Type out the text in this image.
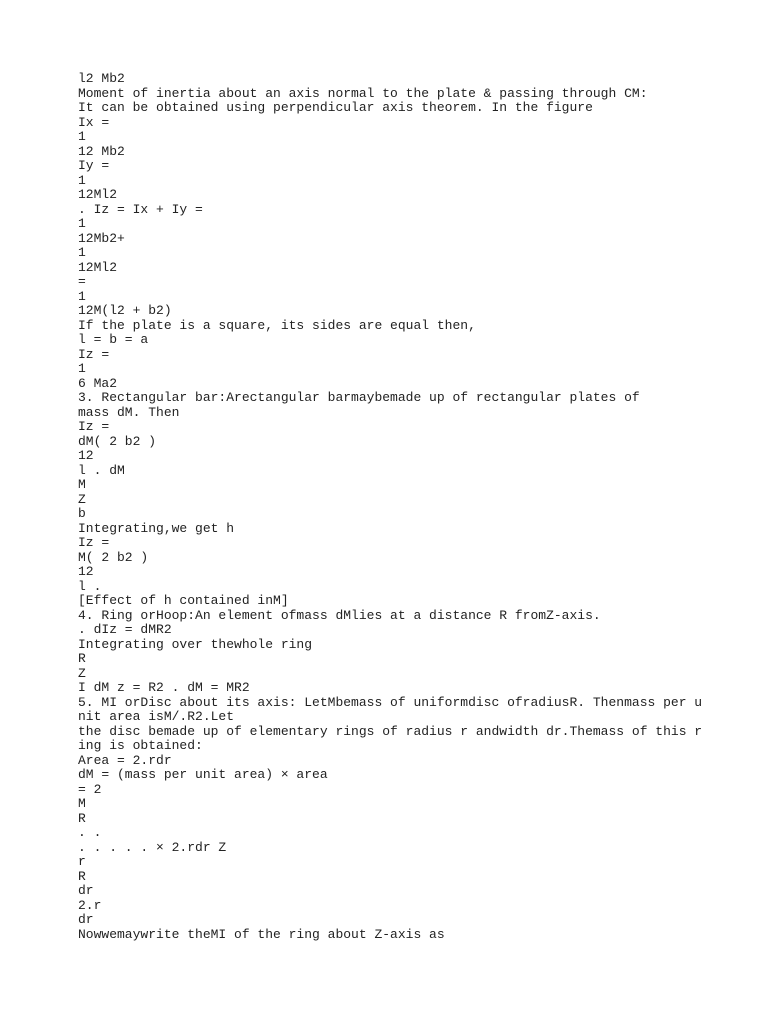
l2 Mb2
Moment of inertia about an axis normal to the plate & passing through CM:
It can be obtained using perpendicular axis theorem. In the figure
Ix =
1
12 Mb2
Iy =
1
12Ml2
. Iz = Ix + Iy =
1
12Mb2+
1
12Ml2
=
1
12M(l2 + b2)
If the plate is a square, its sides are equal then,
l = b = a
Iz =
1
6 Ma2
3. Rectangular bar:Arectangular barmaybemade up of rectangular plates of
mass dM. Then
Iz =
dM( 2 b2 )
12
l . dM
M
Z
b
Integrating,we get h
Iz =
M( 2 b2 )
12
l .
[Effect of h contained inM]
4. Ring orHoop:An element ofmass dMlies at a distance R fromZ-axis.
. dIz = dMR2
Integrating over thewhole ring
R
Z
I dM z = R2 . dM = MR2
5. MI orDisc about its axis: LetMbemass of uniformdisc ofradiusR. Thenmass per u
nit area isM/.R2.Let
the disc bemade up of elementary rings of radius r andwidth dr.Themass of this r
ing is obtained:
Area = 2.rdr
dM = (mass per unit area) × area
= 2
M
R
. .
. . . . . × 2.rdr Z
r
R
dr
2.r
dr
Nowwemaywrite theMI of the ring about Z-axis as
